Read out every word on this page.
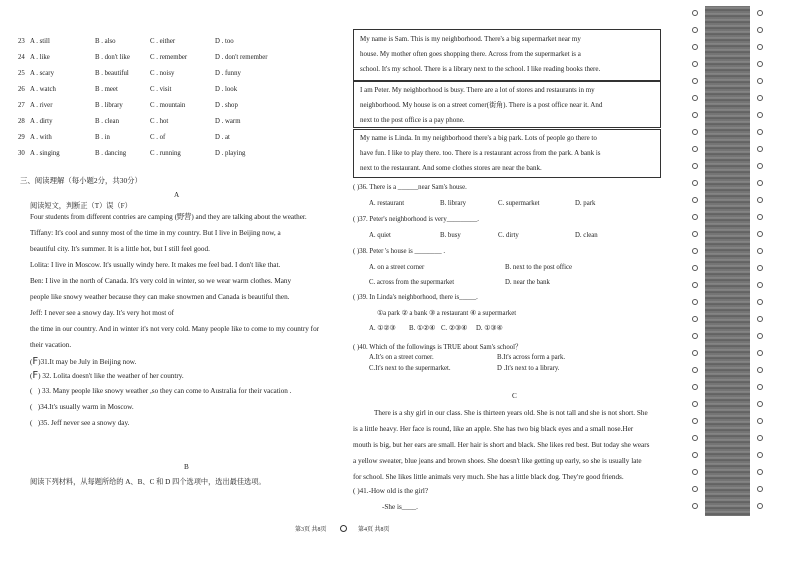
23 A . still	B . also	C . either	D . too
24 A . like	B . don't like	C . remember	D . don't remember
25 A . scary	B . beautiful	C . noisy	D . funny
26 A . watch	B . meet	C . visit	D . look
27 A . river	B . library	C . mountain	D . shop
28 A . dirty	B . clean	C . hot	D . warm
29 A . with	B . in	C . of	D . at
30 A . singing	B . dancing	C . running	D . playing
三、阅读理解（每小题2分，共30分）
A
阅读短文，判断正（T）误（F）
Four students from different contries are camping (野营) and they are talking about the weather.
Tiffany: It's cool and sunny most of the time in my country. But I live in Beijing now, a
beautiful city. It's summer. It is a little hot, but I still feel good.
Lolita: I live in Moscow. It's usually windy here. It makes me feel bad. I don't like that.
Ben: I live in the north of Canada. It's very cold in winter, so we wear warm clothes. Many
people like snowy weather because they can make snowmen and Canada is beautiful then.
Jeff: I never see a snowy day. It's very hot most of
the time in our country. And in winter it's not very cold. Many people like to come to my country for
their vacation.
(F)31.It may be July in Beijing now.
(F) 32. Lolita doesn't like the weather of her country.
(   ) 33. Many people like snowy weather ,so they can come to Australia for their vacation .
(   )34.It's usually warm in Moscow.
(   )35. Jeff never see a snowy day.
B
阅读下列材料，从每题所给的 A、B、C 和 D 四个选项中，选出最佳选项。

My name is Sam. This is my neighborhood. There's a big supermarket near my

house. My mother often goes shopping there. Across from the supermarket is a

school. It's my school. There is a library next to the school. I like reading books there.

I am Peter. My neighborhood is busy. There are a lot of stores and restaurants in my

neighborhood. My house is on a street corner(街角). There is a post office near it. And

next to the post office is a pay phone.

My name is Linda. In my neighborhood there's a big park. Lots of people go there to

have fun. I like to play there. too. There is a restaurant across from the park. A bank is

next to the restaurant. And some clothes stores are near the bank.

( )36. There is a ______near Sam's house.
A. restaurant	B. library	C. supermarket	D. park
( )37. Peter's neighborhood is very_________.
A. quiet	B. busy	C. dirty	D. clean
( )38. Peter 's house is ________ .
A. on a street corner	B. next to the post office
C. across from the supermarket	D. near the bank
( )39. In Linda's neighborhood, there is_____.
①a park ② a bank ③ a restaurant ④ a supermarket
A. ①②③ B. ①②④ C. ②③④ D. ①③④
( )40. Which of the followings is TRUE about Sam's school？
A.It's on a street corner.	B.It's across form a park.
C.It's next to the supermarket.	D .It's next to a library.
C
There is a shy girl in our class. She is thirteen years old. She is not tall and she is not short. She
is a little heavy. Her face is round, like an apple. She has two big black eyes and a small nose.Her
mouth is big, but her ears are small. Her hair is short and black. She likes red best. But today she wears
a yellow sweater, blue jeans and brown shoes. She doesn't like getting up early, so she is usually late
for school. She likes little animals very much. She has a little black dog. They're good friends.
( )41.-How old is the girl?
-She is____.
第3页 共8页	第4页 共8页
